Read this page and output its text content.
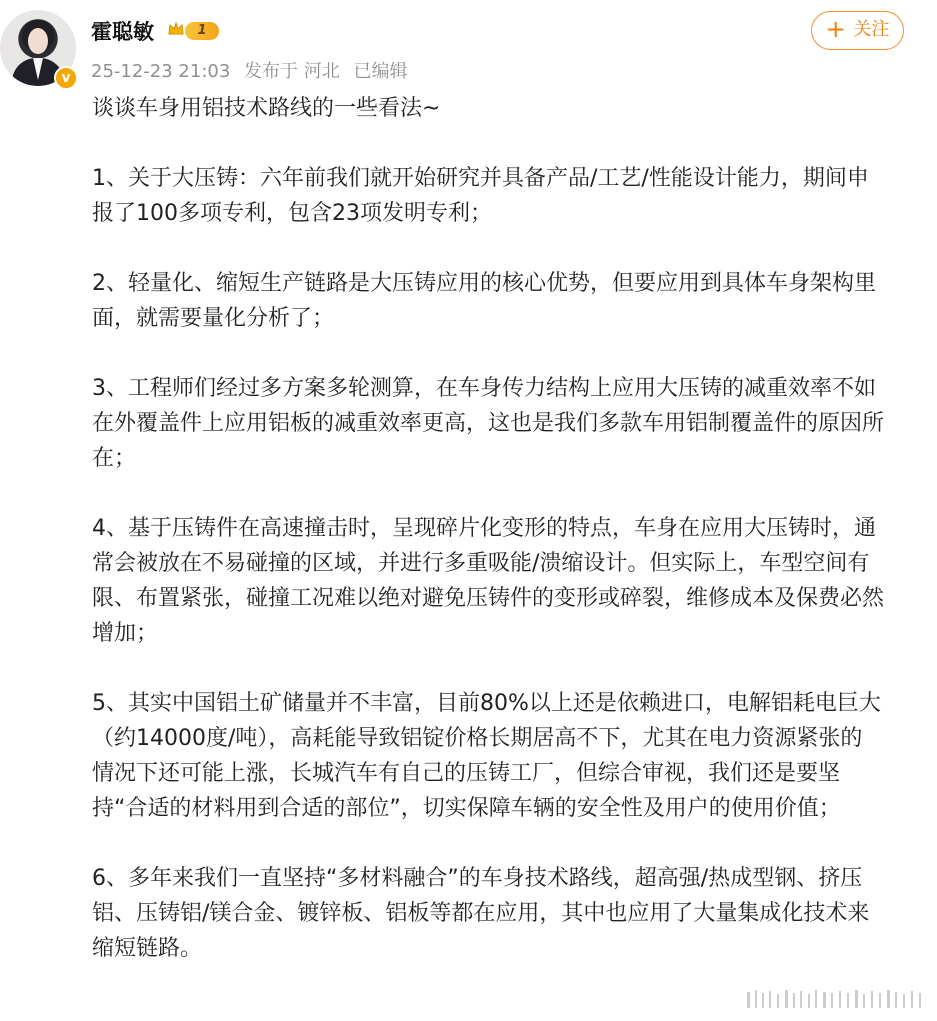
v
霍聪敏	1
25-12-23 21:03 发布于 河北 已编辑
+ 关注

谈谈车身用铝技术路线的一些看法~

1、关于大压铸：六年前我们就开始研究并具备产品/工艺/性能设计能力，期间申

报了100多项专利，包含23项发明专利；

2、轻量化、缩短生产链路是大压铸应用的核心优势，但要应用到具体车身架构里

面，就需要量化分析了；

3、工程师们经过多方案多轮测算，在车身传力结构上应用大压铸的减重效率不如

在外覆盖件上应用铝板的减重效率更高，这也是我们多款车用铝制覆盖件的原因所

在；

4、基于压铸件在高速撞击时，呈现碎片化变形的特点，车身在应用大压铸时，通

常会被放在不易碰撞的区域，并进行多重吸能/溃缩设计。但实际上，车型空间有

限、布置紧张，碰撞工况难以绝对避免压铸件的变形或碎裂，维修成本及保费必然

增加；

5、其实中国铝土矿储量并不丰富，目前80%以上还是依赖进口，电解铝耗电巨大

（约14000度/吨），高耗能导致铝锭价格长期居高不下，尤其在电力资源紧张的

情况下还可能上涨，长城汽车有自己的压铸工厂，但综合审视，我们还是要坚

持“合适的材料用到合适的部位”，切实保障车辆的安全性及用户的使用价值；

6、多年来我们一直坚持“多材料融合”的车身技术路线，超高强/热成型钢、挤压

铝、压铸铝/镁合金、镀锌板、铝板等都在应用，其中也应用了大量集成化技术来

缩短链路。
